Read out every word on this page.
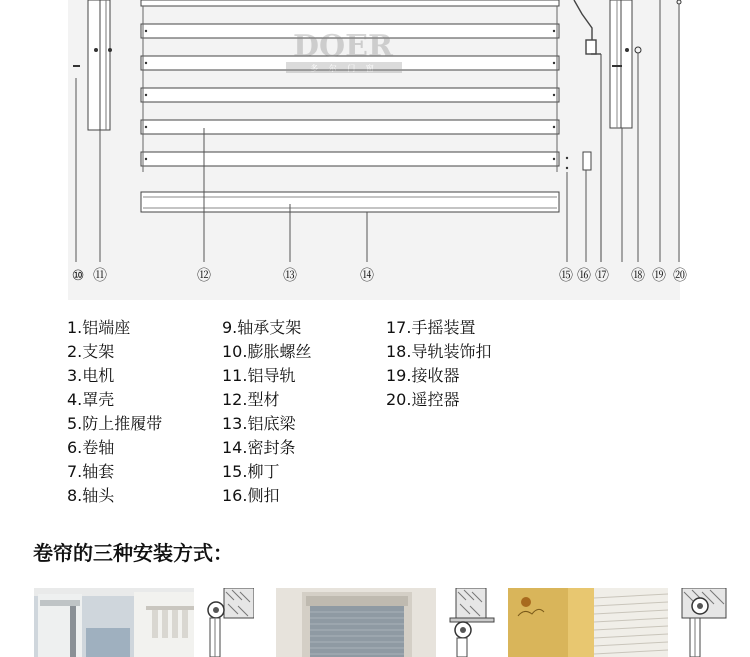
DOER
多 尔 门 窗
⑩ ⑪	⑫	⑬	⑭	⑮ ⑯ ⑰ ⑱ ⑲ ⑳
1.铝端座
2.支架
3.电机
4.罩壳
5.防上推履带
6.卷轴
7.轴套
8.轴头
9.轴承支架
10.膨胀螺丝
11.铝导轨
12.型材
13.铝底梁
14.密封条
15.柳丁
16.侧扣
17.手摇装置
18.导轨装饰扣
19.接收器
20.遥控器
卷帘的三种安装方式：
